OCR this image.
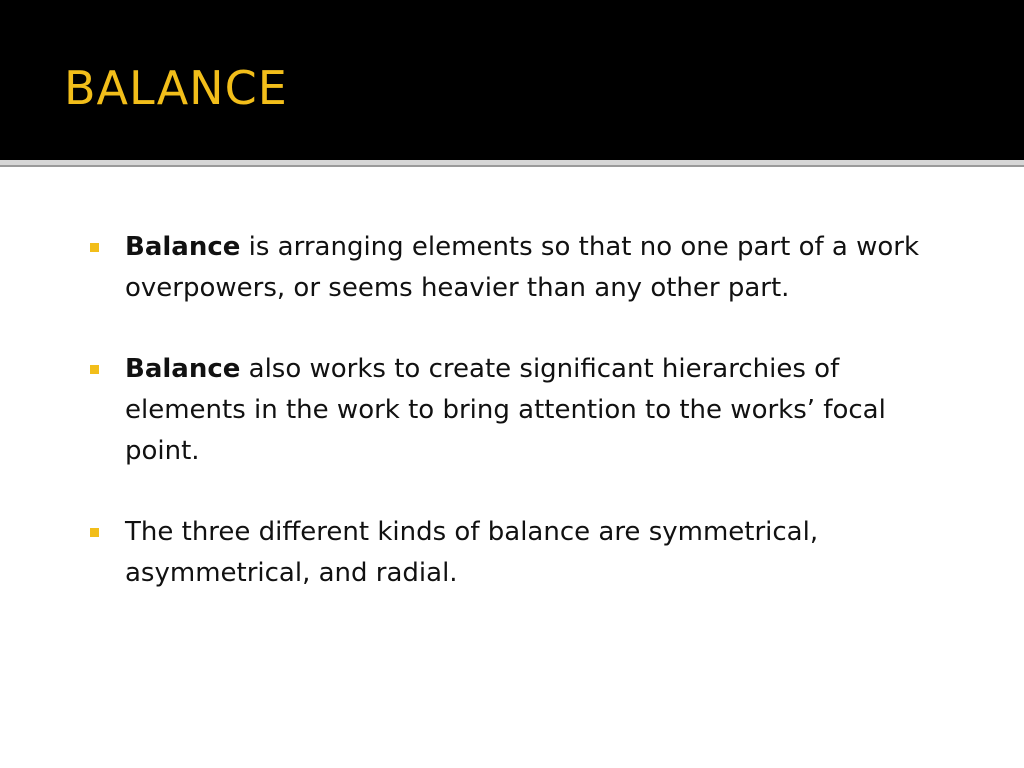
BALANCE
Balance is arranging elements so that no one part of a work overpowers, or seems heavier than any other part.
Balance also works to create significant hierarchies of elements in the work to bring attention to the works’ focal point.
The three different kinds of balance are symmetrical, asymmetrical, and radial.
